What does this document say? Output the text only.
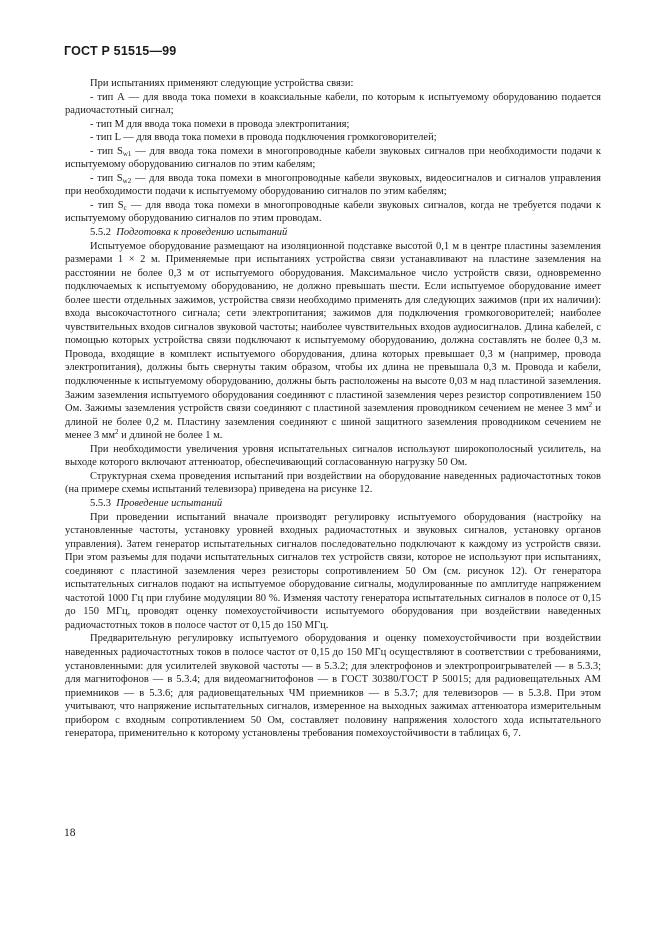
ГОСТ Р 51515—99

При испытаниях применяют следующие устройства связи:

- тип А — для ввода тока помехи в коаксиальные кабели, по которым к испытуемому оборудованию подается радиочастотный сигнал;

- тип М для ввода тока помехи в провода электропитания;

- тип L — для ввода тока помехи в провода подключения громкоговорителей;

- тип $S_{w1}$ — для ввода тока помехи в многопроводные кабели звуковых сигналов при необходимости подачи к испытуемому оборудованию сигналов по этим кабелям;

- тип $S_{w2}$ — для ввода тока помехи в многопроводные кабели звуковых, видеосигналов и сигналов управления при необходимости подачи к испытуемому оборудованию сигналов по этим кабелям;

- тип $S_c$ — для ввода тока помехи в многопроводные кабели звуковых сигналов, когда не требуется подачи к испытуемому оборудованию сигналов по этим проводам.

5.5.2 Подготовка к проведению испытаний

Испытуемое оборудование размещают на изоляционной подставке высотой 0,1 м в центре пластины заземления размерами 1 × 2 м. Применяемые при испытаниях устройства связи устанавливают на пластине заземления на расстоянии не более 0,3 м от испытуемого оборудования. Максимальное число устройств связи, одновременно подключаемых к испытуемому оборудованию, не должно превышать шести. Если испытуемое оборудование имеет более шести отдельных зажимов, устройства связи необходимо применять для следующих зажимов (при их наличии): входа высокочастотного сигнала; сети электропитания; зажимов для подключения громкоговорителей; наиболее чувствительных входов сигналов звуковой частоты; наиболее чувствительных входов аудиосигналов. Длина кабелей, с помощью которых устройства связи подключают к испытуемому оборудованию, должна составлять не более 0,3 м. Провода, входящие в комплект испытуемого оборудования, длина которых превышает 0,3 м (например, провода электропитания), должны быть свернуты таким образом, чтобы их длина не превышала 0,3 м. Провода и кабели, подключенные к испытуемому оборудованию, должны быть расположены на высоте 0,03 м над пластиной заземления. Зажим заземления испытуемого оборудования соединяют с пластиной заземления через резистор сопротивлением 150 Ом. Зажимы заземления устройств связи соединяют с пластиной заземления проводником сечением не менее 3 $мм^2$ и длиной не более 0,2 м. Пластину заземления соединяют с шиной защитного заземления проводником сечением не менее 3 $мм^2$ и длиной не более 1 м.

При необходимости увеличения уровня испытательных сигналов используют широкополосный усилитель, на выходе которого включают аттенюатор, обеспечивающий согласованную нагрузку 50 Ом.

Структурная схема проведения испытаний при воздействии на оборудование наведенных радиочастотных токов (на примере схемы испытаний телевизора) приведена на рисунке 12.

5.5.3 Проведение испытаний

При проведении испытаний вначале производят регулировку испытуемого оборудования (настройку на установленные частоты, установку уровней входных радиочастотных и звуковых сигналов, установку органов управления). Затем генератор испытательных сигналов последовательно подключают к каждому из устройств связи. При этом разъемы для подачи испытательных сигналов тех устройств связи, которое не используют при испытаниях, соединяют с пластиной заземления через резисторы сопротивлением 50 Ом (см. рисунок 12). От генератора испытательных сигналов подают на испытуемое оборудование сигналы, модулированные по амплитуде напряжением частотой 1000 Гц при глубине модуляции 80 %. Изменяя частоту генератора испытательных сигналов в полосе от 0,15 до 150 МГц, проводят оценку помехоустойчивости испытуемого оборудования при воздействии наведенных радиочастотных токов в полосе частот от 0,15 до 150 МГц.

Предварительную регулировку испытуемого оборудования и оценку помехоустойчивости при воздействии наведенных радиочастотных токов в полосе частот от 0,15 до 150 МГц осуществляют в соответствии с требованиями, установленными: для усилителей звуковой частоты — в 5.3.2; для электрофонов и электропроигрывателей — в 5.3.3; для магнитофонов — в 5.3.4; для видеомагнитофонов — в ГОСТ 30380/ГОСТ Р 50015; для радиовещательных АМ приемников — в 5.3.6; для радиовещательных ЧМ приемников — в 5.3.7; для телевизоров — в 5.3.8. При этом учитывают, что напряжение испытательных сигналов, измеренное на выходных зажимах аттенюатора измерительным прибором с входным сопротивлением 50 Ом, составляет половину напряжения холостого хода испытательного генератора, применительно к которому установлены требования помехоустойчивости в таблицах 6, 7.

18
